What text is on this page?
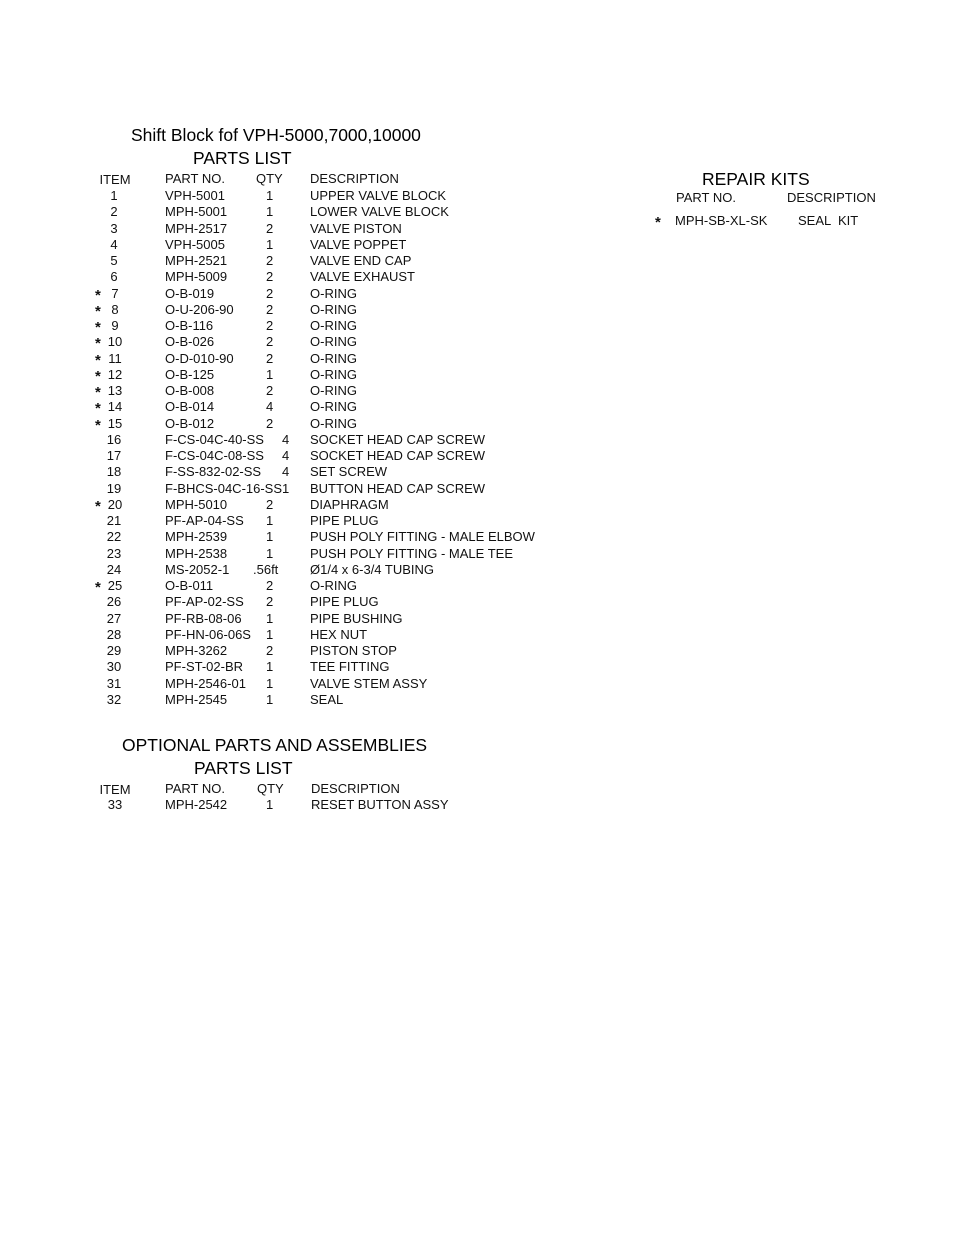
Shift Block fof VPH-5000,7000,10000
PARTS LIST
ITEM	PART NO. QTY DESCRIPTION
1	VPH-5001	1	UPPER VALVE BLOCK
2	MPH-5001	1	LOWER VALVE BLOCK
3	MPH-2517	2	VALVE PISTON
4	VPH-5005	1	VALVE POPPET
5	MPH-2521	2	VALVE END CAP
6	MPH-5009	2	VALVE EXHAUST
* 7	O-B-019	2	O-RING
* 8	O-U-206-90 2	O-RING
* 9	O-B-116	2	O-RING
* 10	O-B-026	2	O-RING
* 11	O-D-010-90 2	O-RING
* 12	O-B-125	1	O-RING
* 13	O-B-008	2	O-RING
* 14	O-B-014	4	O-RING
* 15	O-B-012	2	O-RING
16	F-CS-04C-40-SS 4 SOCKET HEAD CAP SCREW
17	F-CS-04C-08-SS 4 SOCKET HEAD CAP SCREW
18	F-SS-832-02-SS 4 SET SCREW
19	F-BHCS-04C-16-SS 1 BUTTON HEAD CAP SCREW
* 20	MPH-5010	2	DIAPHRAGM
21	PF-AP-04-SS 1	PIPE PLUG
22	MPH-2539	1	PUSH POLY FITTING - MALE ELBOW
23	MPH-2538	1	PUSH POLY FITTING - MALE TEE
24	MS-2052-1 .56ft Ø1/4 x 6-3/4 TUBING
* 25	O-B-011	2	O-RING
26	PF-AP-02-SS 2	PIPE PLUG
27	PF-RB-08-06 1	PIPE BUSHING
28	PF-HN-06-06S 1	HEX NUT
29	MPH-3262	2	PISTON STOP
30	PF-ST-02-BR 1	TEE FITTING
31	MPH-2546-01 1	VALVE STEM ASSY
32	MPH-2545	1	SEAL
REPAIR KITS
PART NO.	DESCRIPTION
* MPH-SB-XL-SK SEAL  KIT
OPTIONAL PARTS AND ASSEMBLIES
PARTS LIST
ITEM	PART NO. QTY DESCRIPTION
33	MPH-2542	1	RESET BUTTON ASSY
